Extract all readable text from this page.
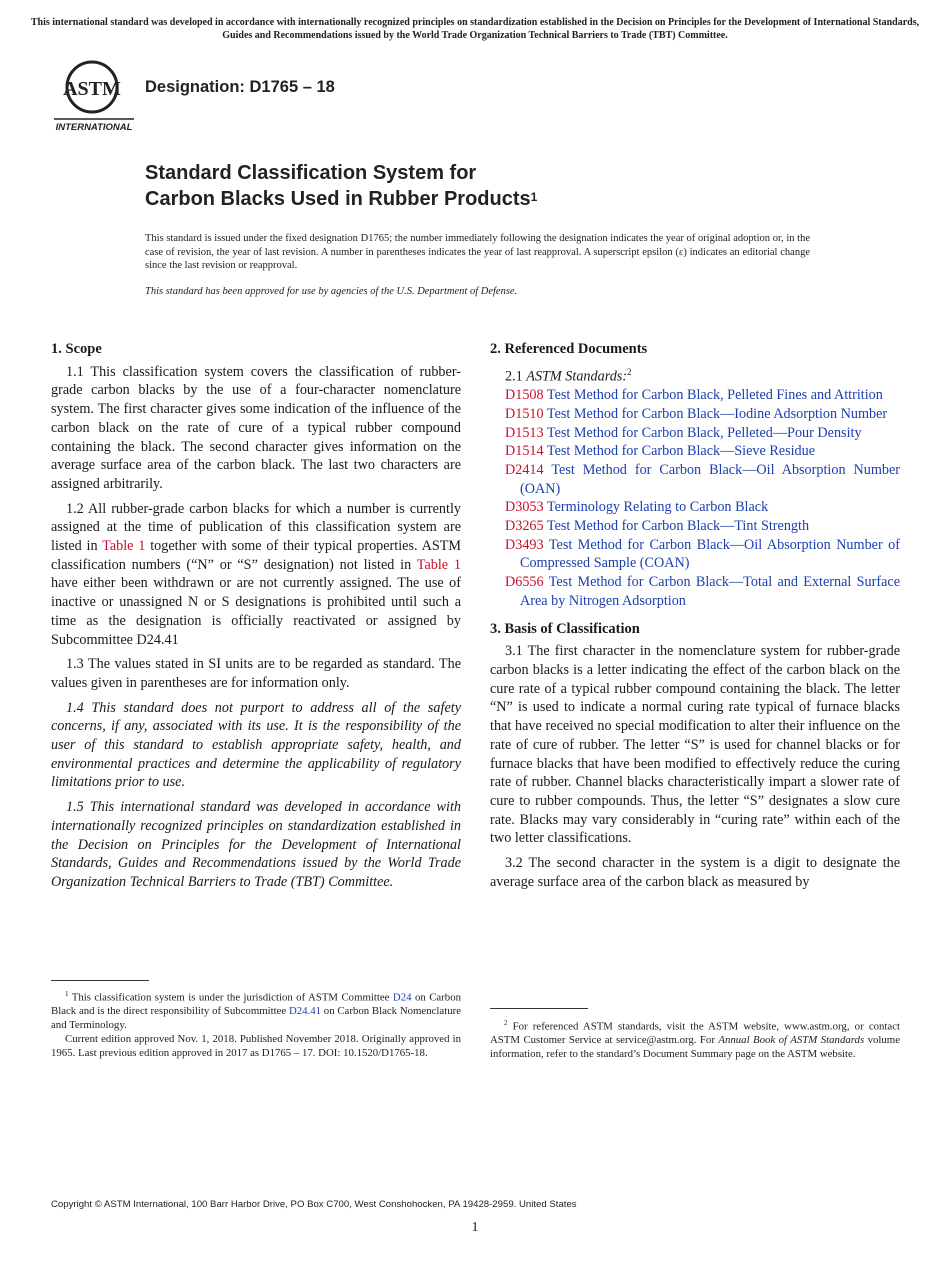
This international standard was developed in accordance with internationally recognized principles on standardization established in the Decision on Principles for the Development of International Standards, Guides and Recommendations issued by the World Trade Organization Technical Barriers to Trade (TBT) Committee.
ASTM
INTERNATIONAL
Designation: D1765 – 18
Standard Classification System for
Carbon Blacks Used in Rubber Products$^1$
This standard is issued under the fixed designation D1765; the number immediately following the designation indicates the year of original adoption or, in the case of revision, the year of last revision. A number in parentheses indicates the year of last reapproval. A superscript epsilon (ε) indicates an editorial change since the last revision or reapproval.
This standard has been approved for use by agencies of the U.S. Department of Defense.
1. Scope
1.1 This classification system covers the classification of rubber-grade carbon blacks by the use of a four-character nomenclature system. The first character gives some indication of the influence of the carbon black on the rate of cure of a typical rubber compound containing the black. The second character gives information on the average surface area of the carbon black. The last two characters are assigned arbitrarily.
1.2 All rubber-grade carbon blacks for which a number is currently assigned at the time of publication of this classification system are listed in Table 1 together with some of their typical properties. ASTM classification numbers (“N” or “S” designation) not listed in Table 1 have either been withdrawn or are not currently assigned. The use of inactive or unassigned N or S designations is prohibited until such a time as the designation is officially reactivated or assigned by Subcommittee D24.41
1.3 The values stated in SI units are to be regarded as standard. The values given in parentheses are for information only.
1.4 This standard does not purport to address all of the safety concerns, if any, associated with its use. It is the responsibility of the user of this standard to establish appropriate safety, health, and environmental practices and determine the applicability of regulatory limitations prior to use.
1.5 This international standard was developed in accordance with internationally recognized principles on standardization established in the Decision on Principles for the Development of International Standards, Guides and Recommendations issued by the World Trade Organization Technical Barriers to Trade (TBT) Committee.
2. Referenced Documents
2.1 ASTM Standards:$^2$
D1508 Test Method for Carbon Black, Pelleted Fines and Attrition
D1510 Test Method for Carbon Black—Iodine Adsorption Number
D1513 Test Method for Carbon Black, Pelleted—Pour Density
D1514 Test Method for Carbon Black—Sieve Residue
D2414 Test Method for Carbon Black—Oil Absorption Number (OAN)
D3053 Terminology Relating to Carbon Black
D3265 Test Method for Carbon Black—Tint Strength
D3493 Test Method for Carbon Black—Oil Absorption Number of Compressed Sample (COAN)
D6556 Test Method for Carbon Black—Total and External Surface Area by Nitrogen Adsorption
3. Basis of Classification
3.1 The first character in the nomenclature system for rubber-grade carbon blacks is a letter indicating the effect of the carbon black on the cure rate of a typical rubber compound containing the black. The letter “N” is used to indicate a normal curing rate typical of furnace blacks that have received no special modification to alter their influence on the rate of cure of rubber. The letter “S” is used for channel blacks or for furnace blacks that have been modified to effectively reduce the curing rate of rubber. Channel blacks characteristically impart a slower rate of cure to rubber compounds. Thus, the letter “S” designates a slow cure rate. Blacks may vary considerably in “curing rate” within each of the two letter classifications.
3.2 The second character in the system is a digit to designate the average surface area of the carbon black as measured by

$^1$ This classification system is under the jurisdiction of ASTM Committee D24 on Carbon Black and is the direct responsibility of Subcommittee D24.41 on Carbon Black Nomenclature and Terminology.

Current edition approved Nov. 1, 2018. Published November 2018. Originally approved in 1965. Last previous edition approved in 2017 as D1765 – 17. DOI: 10.1520/D1765-18.

$^2$ For referenced ASTM standards, visit the ASTM website, www.astm.org, or contact ASTM Customer Service at service@astm.org. For Annual Book of ASTM Standards volume information, refer to the standard’s Document Summary page on the ASTM website.

Copyright © ASTM International, 100 Barr Harbor Drive, PO Box C700, West Conshohocken, PA 19428-2959. United States
1
